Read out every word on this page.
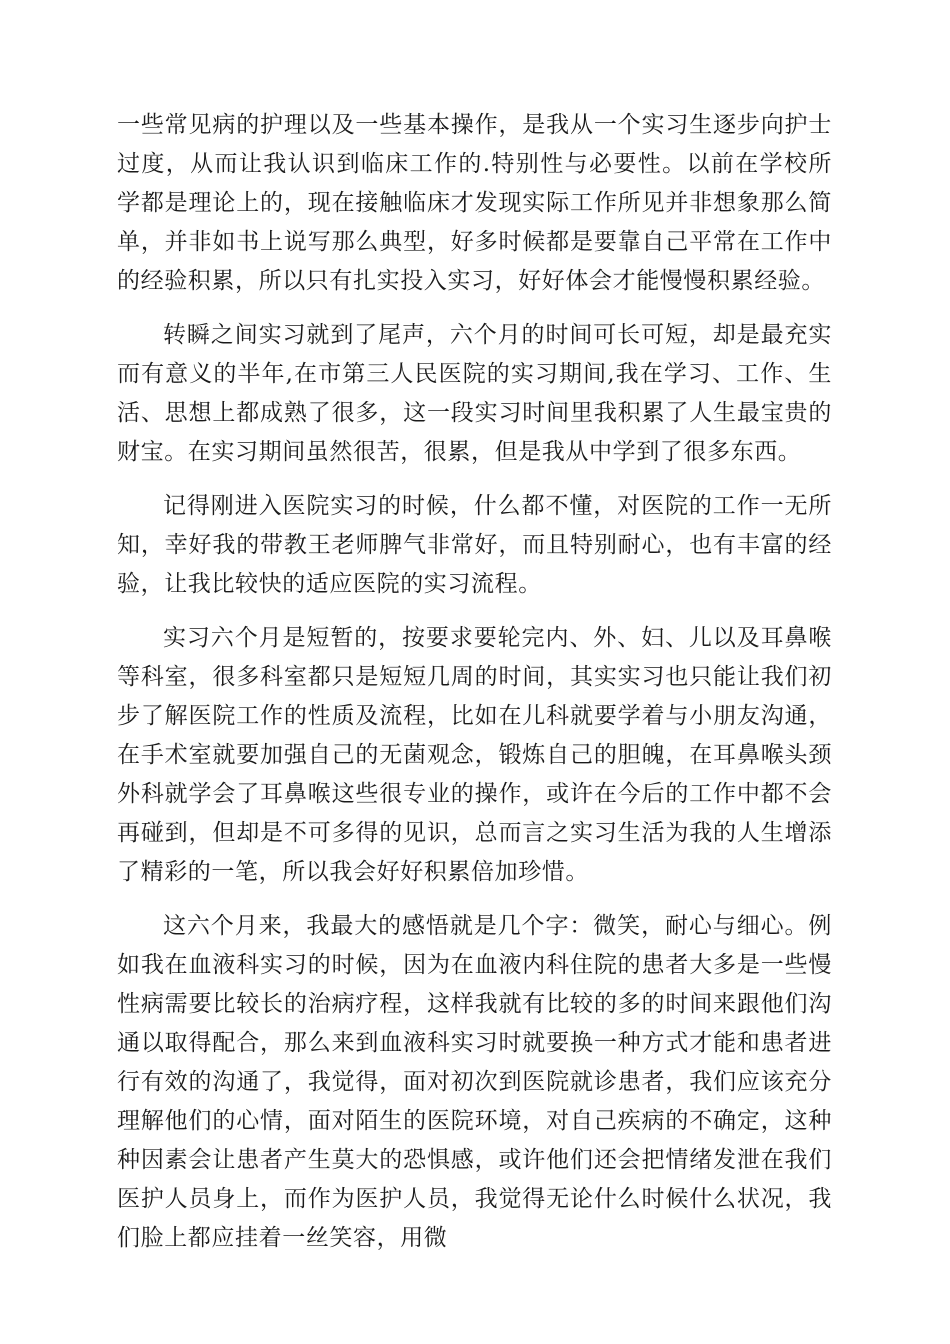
一些常见病的护理以及一些基本操作，是我从一个实习生逐步向护士过度，从而让我认识到临床工作的.特别性与必要性。以前在学校所学都是理论上的，现在接触临床才发现实际工作所见并非想象那么简单，并非如书上说写那么典型，好多时候都是要靠自己平常在工作中的经验积累，所以只有扎实投入实习，好好体会才能慢慢积累经验。

转瞬之间实习就到了尾声，六个月的时间可长可短，却是最充实而有意义的半年,在市第三人民医院的实习期间,我在学习、工作、生活、思想上都成熟了很多，这一段实习时间里我积累了人生最宝贵的财宝。在实习期间虽然很苦，很累，但是我从中学到了很多东西。

记得刚进入医院实习的时候，什么都不懂，对医院的工作一无所知，幸好我的带教王老师脾气非常好，而且特别耐心，也有丰富的经验，让我比较快的适应医院的实习流程。

实习六个月是短暂的，按要求要轮完内、外、妇、儿以及耳鼻喉等科室，很多科室都只是短短几周的时间，其实实习也只能让我们初步了解医院工作的性质及流程，比如在儿科就要学着与小朋友沟通，在手术室就要加强自己的无菌观念，锻炼自己的胆魄，在耳鼻喉头颈外科就学会了耳鼻喉这些很专业的操作，或许在今后的工作中都不会再碰到，但却是不可多得的见识，总而言之实习生活为我的人生增添了精彩的一笔，所以我会好好积累倍加珍惜。

这六个月来，我最大的感悟就是几个字：微笑，耐心与细心。例如我在血液科实习的时候，因为在血液内科住院的患者大多是一些慢性病需要比较长的治病疗程，这样我就有比较的多的时间来跟他们沟通以取得配合，那么来到血液科实习时就要换一种方式才能和患者进行有效的沟通了，我觉得，面对初次到医院就诊患者，我们应该充分理解他们的心情，面对陌生的医院环境，对自己疾病的不确定，这种种因素会让患者产生莫大的恐惧感，或许他们还会把情绪发泄在我们医护人员身上，而作为医护人员，我觉得无论什么时候什么状况，我们脸上都应挂着一丝笑容，用微
